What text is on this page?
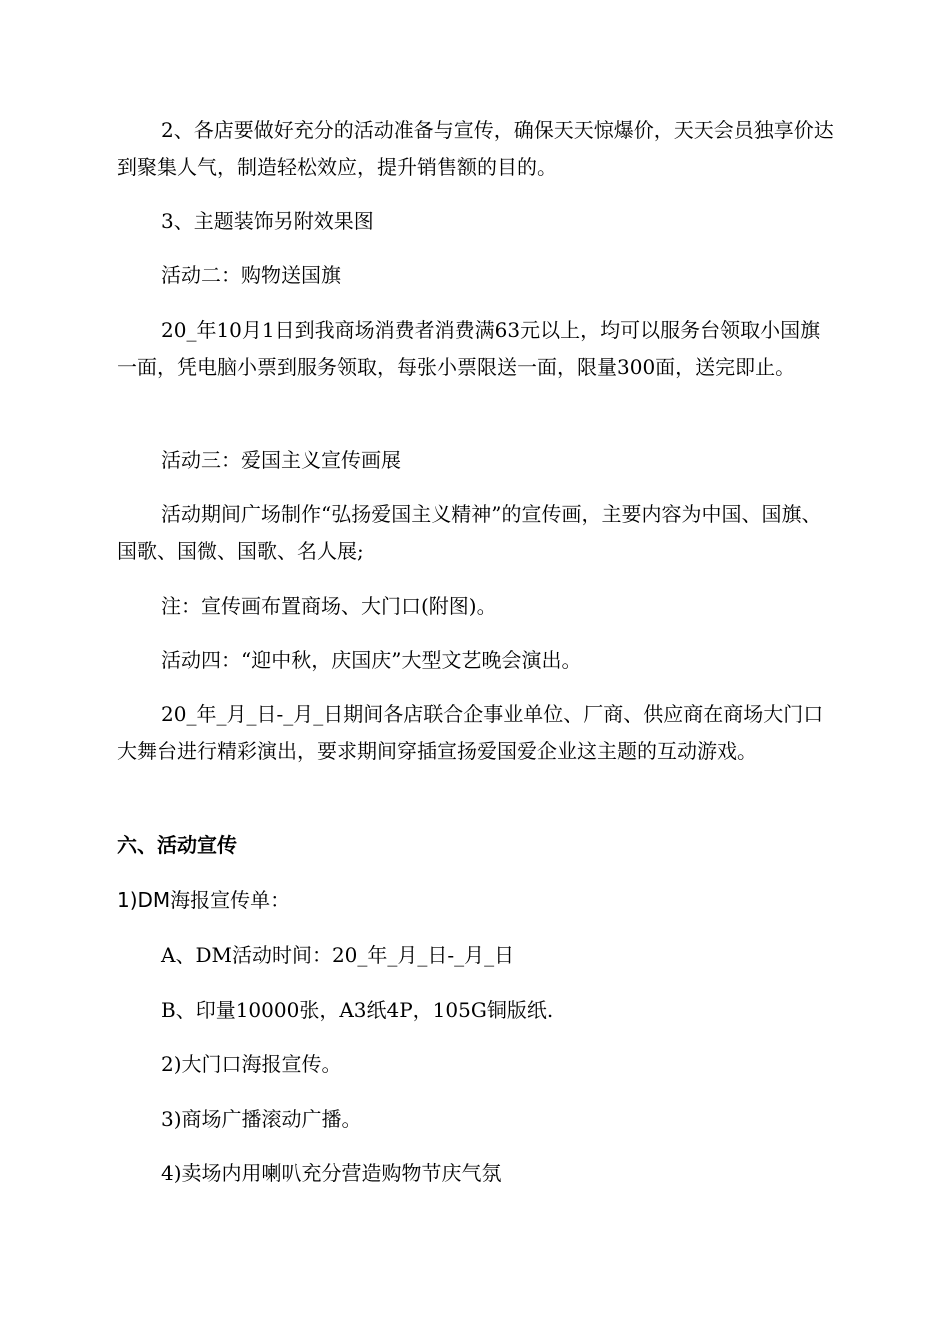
2、各店要做好充分的活动准备与宣传，确保天天惊爆价，天天会员独享价达到聚集人气，制造轻松效应，提升销售额的目的。

3、主题装饰另附效果图

活动二：购物送国旗

20_年10月1日到我商场消费者消费满63元以上，均可以服务台领取小国旗一面，凭电脑小票到服务领取，每张小票限送一面，限量300面，送完即止。

活动三：爱国主义宣传画展

活动期间广场制作“弘扬爱国主义精神”的宣传画，主要内容为中国、国旗、国歌、国微、国歌、名人展;

注：宣传画布置商场、大门口(附图)。

活动四：“迎中秋，庆国庆”大型文艺晚会演出。

20_年_月_日-_月_日期间各店联合企事业单位、厂商、供应商在商场大门口大舞台进行精彩演出，要求期间穿插宣扬爱国爱企业这主题的互动游戏。

六、活动宣传

1)DM海报宣传单：

A、DM活动时间：20_年_月_日-_月_日

B、印量10000张，A3纸4P，105G铜版纸.

2)大门口海报宣传。

3)商场广播滚动广播。

4)卖场内用喇叭充分营造购物节庆气氛
